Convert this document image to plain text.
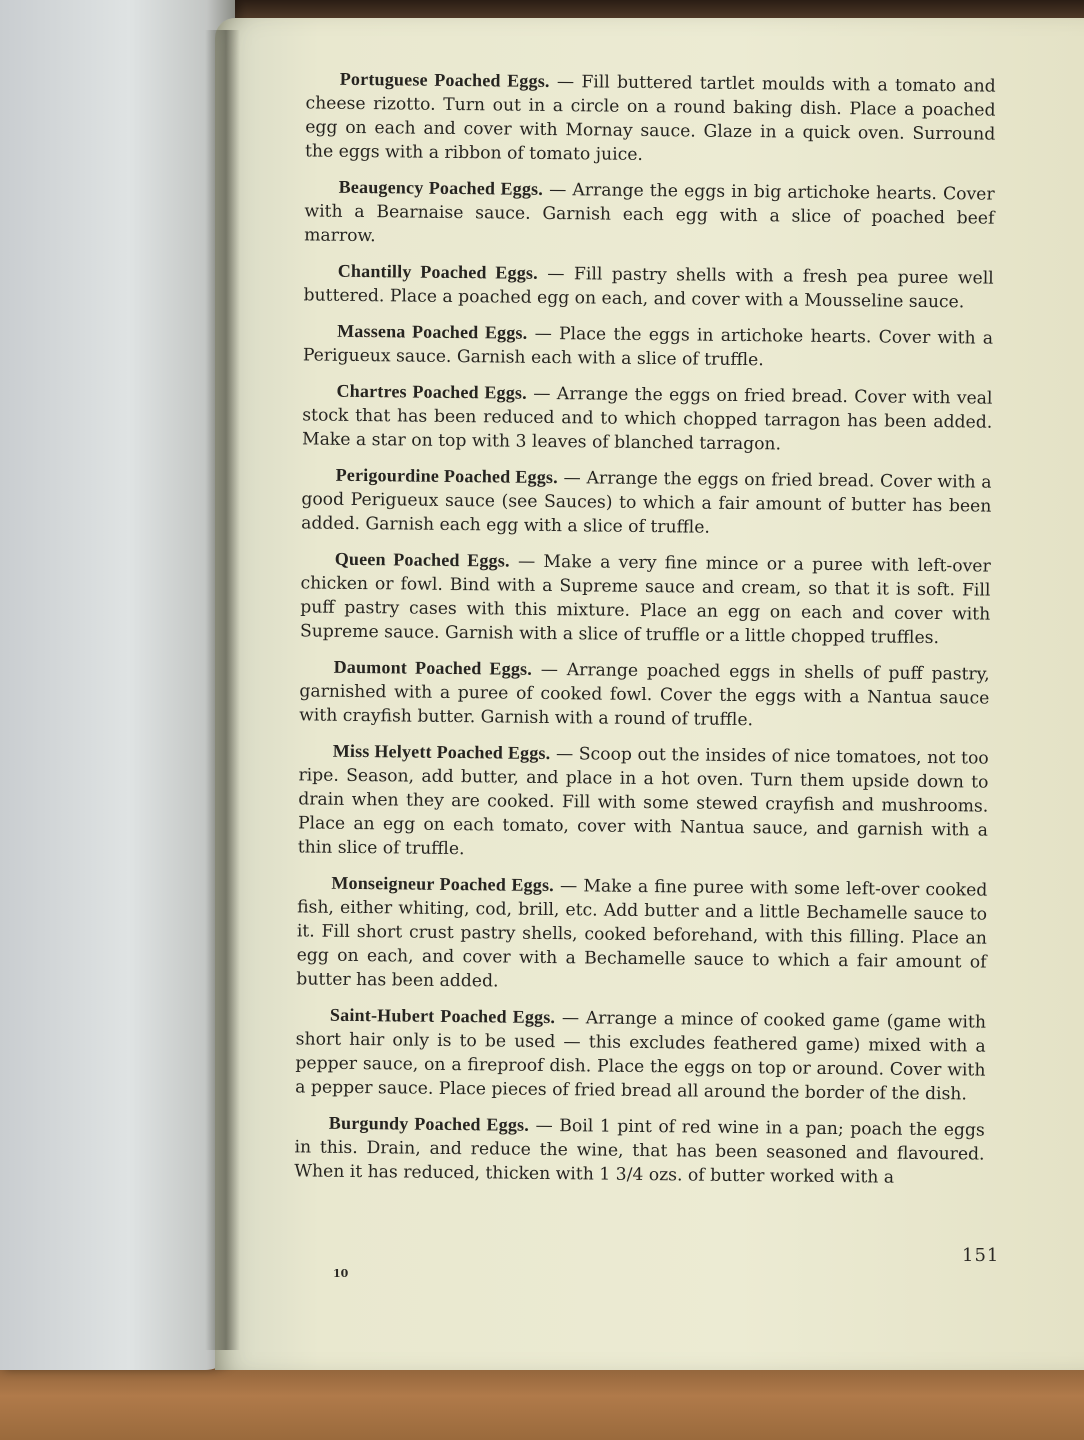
Portuguese Poached Eggs. — Fill buttered tartlet moulds with a tomato and cheese rizotto. Turn out in a circle on a round baking dish. Place a poached egg on each and cover with Mornay sauce. Glaze in a quick oven. Surround the eggs with a ribbon of tomato juice.

Beaugency Poached Eggs. — Arrange the eggs in big artichoke hearts. Cover with a Bearnaise sauce. Garnish each egg with a slice of poached beef marrow.

Chantilly Poached Eggs. — Fill pastry shells with a fresh pea puree well buttered. Place a poached egg on each, and cover with a Mousseline sauce.

Massena Poached Eggs. — Place the eggs in artichoke hearts. Cover with a Perigueux sauce. Garnish each with a slice of truffle.

Chartres Poached Eggs. — Arrange the eggs on fried bread. Cover with veal stock that has been reduced and to which chopped tarragon has been added. Make a star on top with 3 leaves of blanched tarragon.

Perigourdine Poached Eggs. — Arrange the eggs on fried bread. Cover with a good Perigueux sauce (see Sauces) to which a fair amount of butter has been added. Garnish each egg with a slice of truffle.

Queen Poached Eggs. — Make a very fine mince or a puree with left-over chicken or fowl. Bind with a Supreme sauce and cream, so that it is soft. Fill puff pastry cases with this mixture. Place an egg on each and cover with Supreme sauce. Garnish with a slice of truffle or a little chopped truffles.

Daumont Poached Eggs. — Arrange poached eggs in shells of puff pastry, garnished with a puree of cooked fowl. Cover the eggs with a Nantua sauce with crayfish butter. Garnish with a round of truffle.

Miss Helyett Poached Eggs. — Scoop out the insides of nice tomatoes, not too ripe. Season, add butter, and place in a hot oven. Turn them upside down to drain when they are cooked. Fill with some stewed crayfish and mushrooms. Place an egg on each tomato, cover with Nantua sauce, and garnish with a thin slice of truffle.

Monseigneur Poached Eggs. — Make a fine puree with some left-over cooked fish, either whiting, cod, brill, etc. Add butter and a little Bechamelle sauce to it. Fill short crust pastry shells, cooked beforehand, with this filling. Place an egg on each, and cover with a Bechamelle sauce to which a fair amount of butter has been added.

Saint-Hubert Poached Eggs. — Arrange a mince of cooked game (game with short hair only is to be used — this excludes feathered game) mixed with a pepper sauce, on a fireproof dish. Place the eggs on top or around. Cover with a pepper sauce. Place pieces of fried bread all around the border of the dish.

Burgundy Poached Eggs. — Boil 1 pint of red wine in a pan; poach the eggs in this. Drain, and reduce the wine, that has been seasoned and flavoured. When it has reduced, thicken with 1 3/4 ozs. of butter worked with a

151
10
